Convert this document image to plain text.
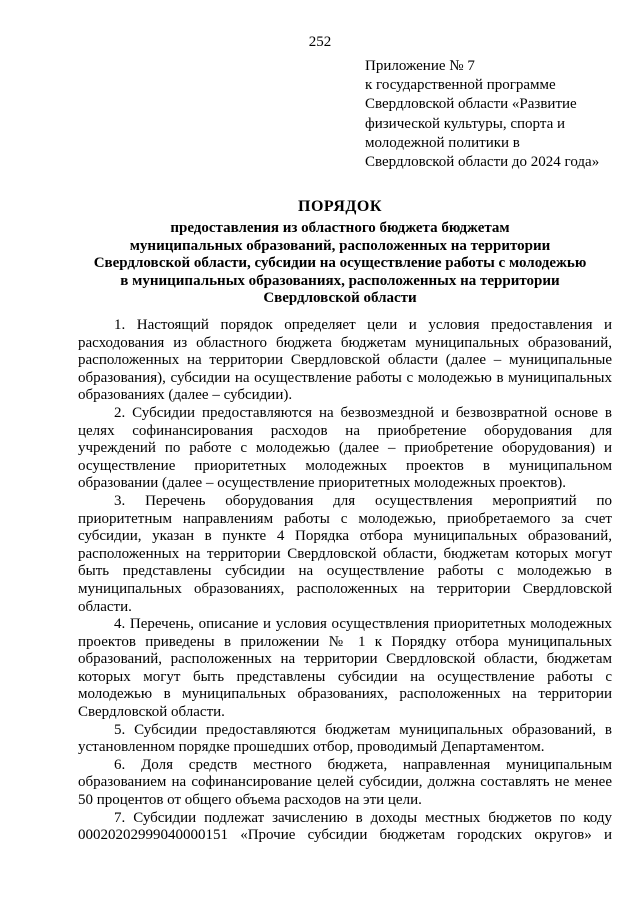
252
Приложение № 7
к государственной программе
Свердловской области «Развитие
физической культуры, спорта и
молодежной политики в
Свердловской области до 2024 года»
ПОРЯДОК
предоставления из областного бюджета бюджетам
муниципальных образований, расположенных на территории
Свердловской области, субсидии на осуществление работы с молодежью
в муниципальных образованиях, расположенных на территории
Свердловской области
1. Настоящий порядок определяет цели и условия предоставления и
расходования из областного бюджета бюджетам муниципальных образований,
расположенных на территории Свердловской области (далее – муниципальные
образования), субсидии на осуществление работы с молодежью в муниципальных
образованиях (далее – субсидии).
2. Субсидии предоставляются на безвозмездной и безвозвратной основе в
целях софинансирования расходов на приобретение оборудования для
учреждений по работе с молодежью (далее – приобретение оборудования) и
осуществление приоритетных молодежных проектов в муниципальном
образовании (далее – осуществление приоритетных молодежных проектов).
3. Перечень оборудования для осуществления мероприятий по
приоритетным направлениям работы с молодежью, приобретаемого за счет
субсидии, указан в пункте 4 Порядка отбора муниципальных образований,
расположенных на территории Свердловской области, бюджетам которых могут
быть представлены субсидии на осуществление работы с молодежью в
муниципальных образованиях, расположенных на территории Свердловской
области.
4. Перечень, описание и условия осуществления приоритетных молодежных
проектов приведены в приложении № 1 к Порядку отбора муниципальных
образований, расположенных на территории Свердловской области, бюджетам
которых могут быть представлены субсидии на осуществление работы с
молодежью в муниципальных образованиях, расположенных на территории
Свердловской области.
5. Субсидии предоставляются бюджетам муниципальных образований, в
установленном порядке прошедших отбор, проводимый Департаментом.
6. Доля средств местного бюджета, направленная муниципальным
образованием на софинансирование целей субсидии, должна составлять не менее
50 процентов от общего объема расходов на эти цели.
7. Субсидии подлежат зачислению в доходы местных бюджетов по коду
00020202999040000151 «Прочие субсидии бюджетам городских округов» и
